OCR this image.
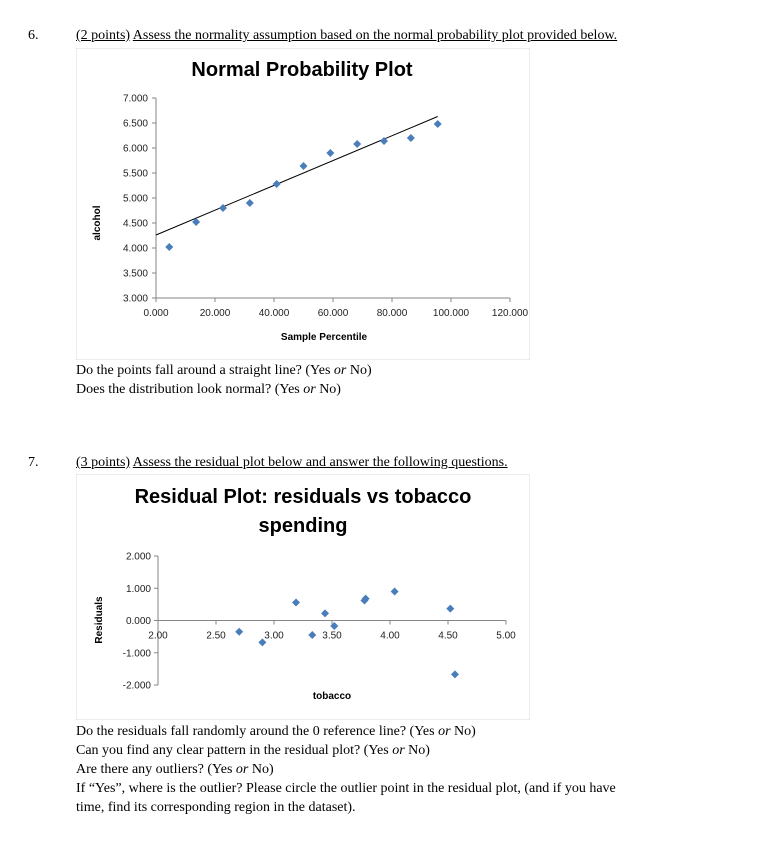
6.	(2 points) Assess the normality assumption based on the normal probability plot provided below.
Normal Probability Plot
Sample Percentile
alcohol
3.000
3.500
4.000
4.500
5.000
5.500
6.000
6.500
7.000
0.000	20.000	40.000	60.000	80.000	100.000 120.000
Do the points fall around a straight line? (Yes or No)
Does the distribution look normal? (Yes or No)
7.	(3 points) Assess the residual plot below and answer the following questions.
Residual Plot: residuals vs tobacco
spending
tobacco
Residuals
2.000
1.000
0.000
-1.000
-2.000
2.00	2.50	3.00	3.50	4.00	4.50	5.00
Do the residuals fall randomly around the 0 reference line? (Yes or No)
Can you find any clear pattern in the residual plot? (Yes or No)
Are there any outliers? (Yes or No)
If “Yes”, where is the outlier? Please circle the outlier point in the residual plot, (and if you have
time, find its corresponding region in the dataset).
